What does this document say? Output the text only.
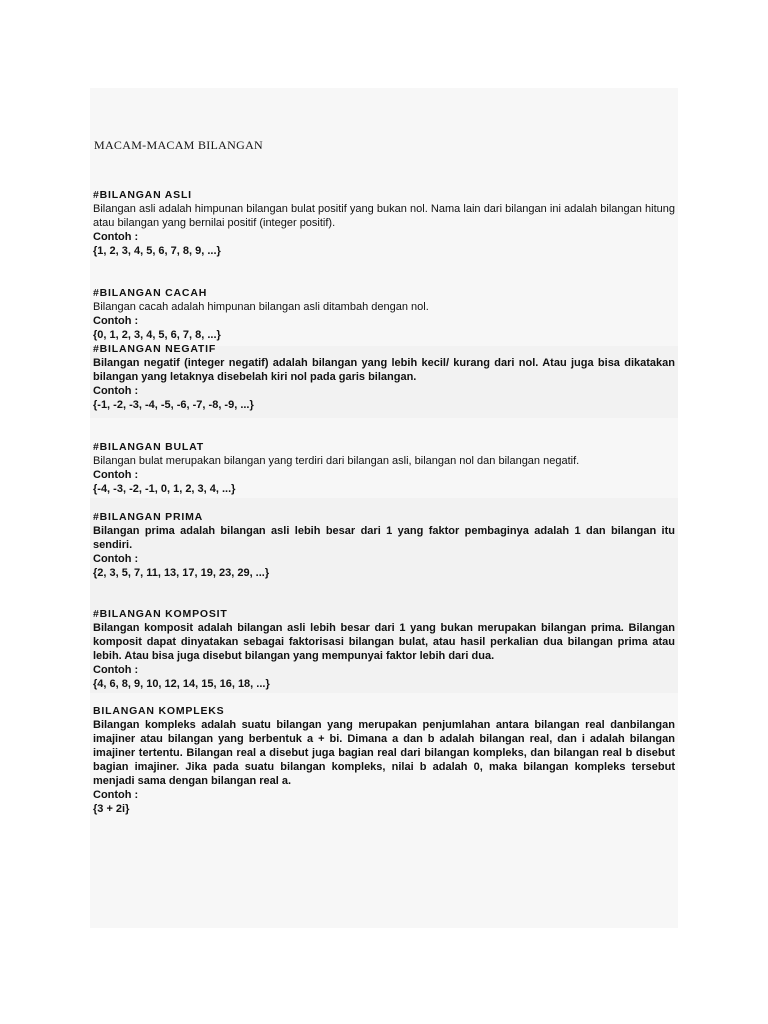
MACAM-MACAM BILANGAN
#BILANGAN ASLI

Bilangan asli adalah himpunan bilangan bulat positif yang bukan nol. Nama lain dari bilangan ini adalah bilangan hitung atau bilangan yang bernilai positif (integer positif).

Contoh :
{1, 2, 3, 4, 5, 6, 7, 8, 9, ...}
#BILANGAN CACAH

Bilangan cacah adalah himpunan bilangan asli ditambah dengan nol.

Contoh :
{0, 1, 2, 3, 4, 5, 6, 7, 8, ...}
#BILANGAN NEGATIF

Bilangan negatif (integer negatif) adalah bilangan yang lebih kecil/ kurang dari nol. Atau juga bisa dikatakan bilangan yang letaknya disebelah kiri nol pada garis bilangan.

Contoh :
{-1, -2, -3, -4, -5, -6, -7, -8, -9, ...}
#BILANGAN BULAT

Bilangan bulat merupakan bilangan yang terdiri dari bilangan asli, bilangan nol dan bilangan negatif.

Contoh :
{-4, -3, -2, -1, 0, 1, 2, 3, 4, ...}
#BILANGAN PRIMA

Bilangan prima adalah bilangan asli lebih besar dari 1 yang faktor pembaginya adalah 1 dan bilangan itu sendiri.

Contoh :
{2, 3, 5, 7, 11, 13, 17, 19, 23, 29, ...}
#BILANGAN KOMPOSIT

Bilangan komposit adalah bilangan asli lebih besar dari 1 yang bukan merupakan bilangan prima. Bilangan komposit dapat dinyatakan sebagai faktorisasi bilangan bulat, atau hasil perkalian dua bilangan prima atau lebih. Atau bisa juga disebut bilangan yang mempunyai faktor lebih dari dua.

Contoh :
{4, 6, 8, 9, 10, 12, 14, 15, 16, 18, ...}
BILANGAN KOMPLEKS

Bilangan kompleks adalah suatu bilangan yang merupakan penjumlahan antara bilangan real danbilangan imajiner atau bilangan yang berbentuk a + bi. Dimana a dan b adalah bilangan real, dan i adalah bilangan imajiner tertentu. Bilangan real a disebut juga bagian real dari bilangan kompleks, dan bilangan real b disebut bagian imajiner. Jika pada suatu bilangan kompleks, nilai b adalah 0, maka bilangan kompleks tersebut menjadi sama dengan bilangan real a.

Contoh :
{3 + 2i}
